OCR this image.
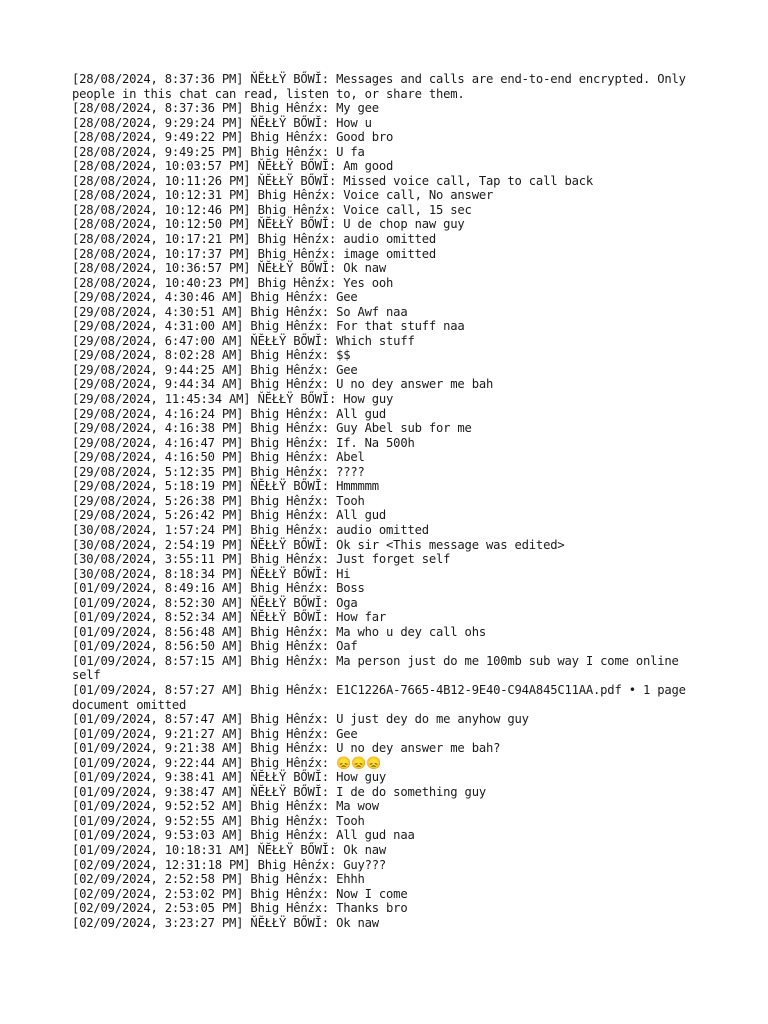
[28/08/2024, 8:37:36 PM] ŇĔŁŁŸ BŐWĬ: Messages and calls are end-to-end encrypted. Only people in this chat can read, listen to, or share them.
[28/08/2024, 8:37:36 PM] Bhig Hênźx: My gee
[28/08/2024, 9:29:24 PM] ŇĔŁŁŸ BŐWĬ: How u
[28/08/2024, 9:49:22 PM] Bhig Hênźx: Good bro
[28/08/2024, 9:49:25 PM] Bhig Hênźx: U fa
[28/08/2024, 10:03:57 PM] ŇĔŁŁŸ BŐWĬ: Am good
[28/08/2024, 10:11:26 PM] ŇĔŁŁŸ BŐWĬ: Missed voice call, Tap to call back
[28/08/2024, 10:12:31 PM] Bhig Hênźx: Voice call, No answer
[28/08/2024, 10:12:46 PM] Bhig Hênźx: Voice call, 15 sec
[28/08/2024, 10:12:50 PM] ŇĔŁŁŸ BŐWĬ: U de chop naw guy
[28/08/2024, 10:17:21 PM] Bhig Hênźx: audio omitted
[28/08/2024, 10:17:37 PM] Bhig Hênźx: image omitted
[28/08/2024, 10:36:57 PM] ŇĔŁŁŸ BŐWĬ: Ok naw
[28/08/2024, 10:40:23 PM] Bhig Hênźx: Yes ooh
[29/08/2024, 4:30:46 AM] Bhig Hênźx: Gee
[29/08/2024, 4:30:51 AM] Bhig Hênźx: So Awf naa
[29/08/2024, 4:31:00 AM] Bhig Hênźx: For that stuff naa
[29/08/2024, 6:47:00 AM] ŇĔŁŁŸ BŐWĬ: Which stuff
[29/08/2024, 8:02:28 AM] Bhig Hênźx: $$
[29/08/2024, 9:44:25 AM] Bhig Hênźx: Gee
[29/08/2024, 9:44:34 AM] Bhig Hênźx: U no dey answer me bah
[29/08/2024, 11:45:34 AM] ŇĔŁŁŸ BŐWĬ: How guy
[29/08/2024, 4:16:24 PM] Bhig Hênźx: All gud
[29/08/2024, 4:16:38 PM] Bhig Hênźx: Guy Abel sub for me
[29/08/2024, 4:16:47 PM] Bhig Hênźx: If. Na 500h
[29/08/2024, 4:16:50 PM] Bhig Hênźx: Abel
[29/08/2024, 5:12:35 PM] Bhig Hênźx: ????
[29/08/2024, 5:18:19 PM] ŇĔŁŁŸ BŐWĬ: Hmmmmm
[29/08/2024, 5:26:38 PM] Bhig Hênźx: Tooh
[29/08/2024, 5:26:42 PM] Bhig Hênźx: All gud
[30/08/2024, 1:57:24 PM] Bhig Hênźx: audio omitted
[30/08/2024, 2:54:19 PM] ŇĔŁŁŸ BŐWĬ: Ok sir <This message was edited>
[30/08/2024, 3:55:11 PM] Bhig Hênźx: Just forget self
[30/08/2024, 8:18:34 PM] ŇĔŁŁŸ BŐWĬ: Hi
[01/09/2024, 8:49:16 AM] Bhig Hênźx: Boss
[01/09/2024, 8:52:30 AM] ŇĔŁŁŸ BŐWĬ: Oga
[01/09/2024, 8:52:34 AM] ŇĔŁŁŸ BŐWĬ: How far
[01/09/2024, 8:56:48 AM] Bhig Hênźx: Ma who u dey call ohs
[01/09/2024, 8:56:50 AM] Bhig Hênźx: Oaf
[01/09/2024, 8:57:15 AM] Bhig Hênźx: Ma person just do me 100mb sub way I come online self
[01/09/2024, 8:57:27 AM] Bhig Hênźx: E1C1226A-7665-4B12-9E40-C94A845C11AA.pdf • 1 page document omitted
[01/09/2024, 8:57:47 AM] Bhig Hênźx: U just dey do me anyhow guy
[01/09/2024, 9:21:27 AM] Bhig Hênźx: Gee
[01/09/2024, 9:21:38 AM] Bhig Hênźx: U no dey answer me bah?
[01/09/2024, 9:22:44 AM] Bhig Hênźx: 😞😞😞
[01/09/2024, 9:38:41 AM] ŇĔŁŁŸ BŐWĬ: How guy
[01/09/2024, 9:38:47 AM] ŇĔŁŁŸ BŐWĬ: I de do something guy
[01/09/2024, 9:52:52 AM] Bhig Hênźx: Ma wow
[01/09/2024, 9:52:55 AM] Bhig Hênźx: Tooh
[01/09/2024, 9:53:03 AM] Bhig Hênźx: All gud naa
[01/09/2024, 10:18:31 AM] ŇĔŁŁŸ BŐWĬ: Ok naw
[02/09/2024, 12:31:18 PM] Bhig Hênźx: Guy???
[02/09/2024, 2:52:58 PM] Bhig Hênźx: Ehhh
[02/09/2024, 2:53:02 PM] Bhig Hênźx: Now I come
[02/09/2024, 2:53:05 PM] Bhig Hênźx: Thanks bro
[02/09/2024, 3:23:27 PM] ŇĔŁŁŸ BŐWĬ: Ok naw
